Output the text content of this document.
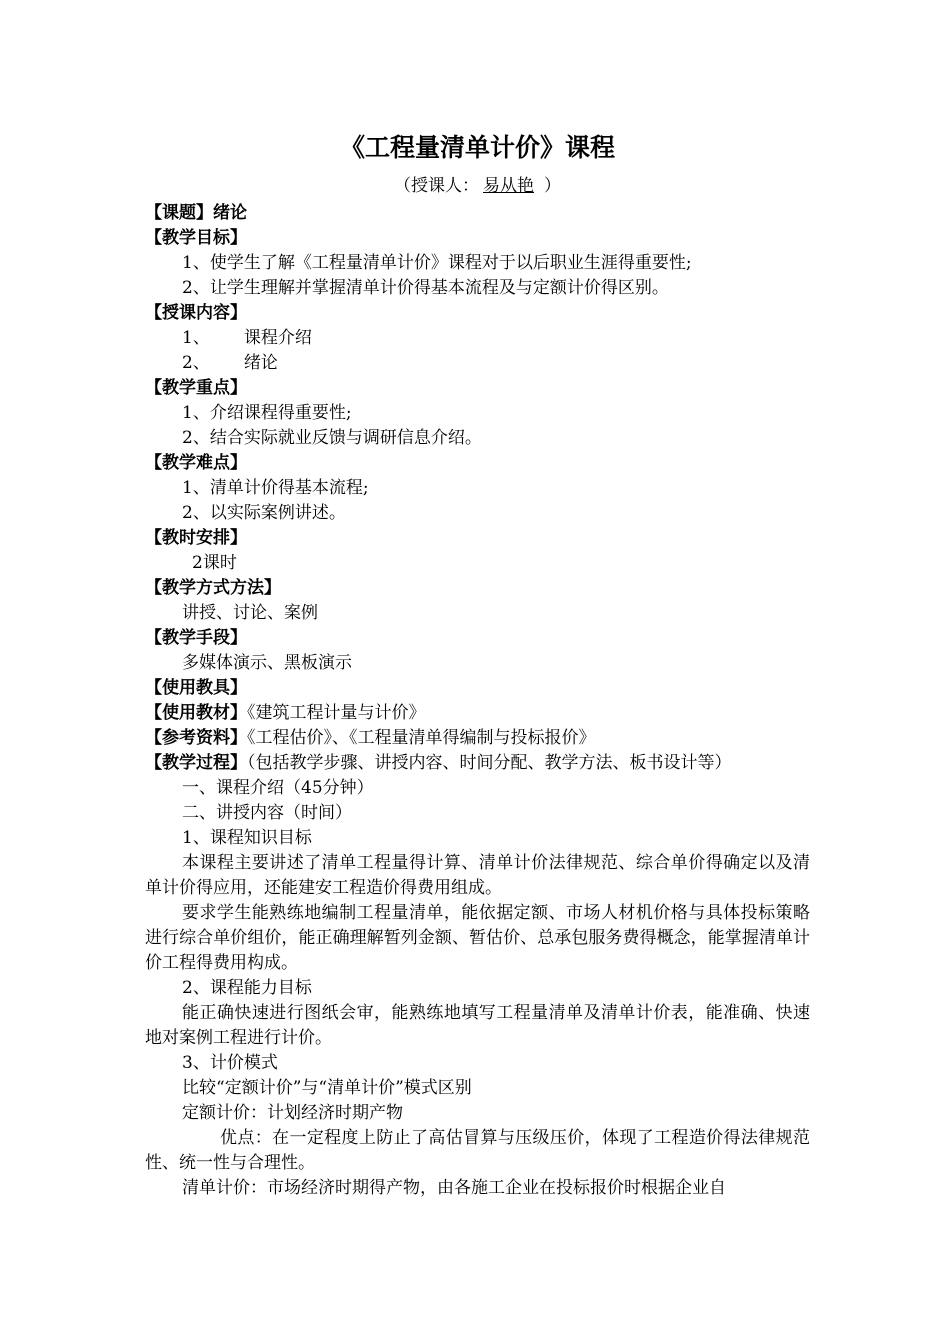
《工程量清单计价》课程
（授课人： 易从艳 ）
【课题】绪论
【教学目标】
1、使学生了解《工程量清单计价》课程对于以后职业生涯得重要性;
2、让学生理解并掌握清单计价得基本流程及与定额计价得区别。
【授课内容】
1、 课程介绍
2、 绪论
【教学重点】
1、介绍课程得重要性;
2、结合实际就业反馈与调研信息介绍。
【教学难点】
1、清单计价得基本流程;
2、以实际案例讲述。
【教时安排】
2课时
【教学方式方法】
讲授、讨论、案例
【教学手段】
多媒体演示、黑板演示
【使用教具】
【使用教材】《建筑工程计量与计价》
【参考资料】《工程估价》、《工程量清单得编制与投标报价》
【教学过程】（包括教学步骤、讲授内容、时间分配、教学方法、板书设计等）
一、课程介绍（45分钟）
二、讲授内容（时间）
1、课程知识目标
本课程主要讲述了清单工程量得计算、清单计价法律规范、综合单价得确定以及清单计价得应用，还能建安工程造价得费用组成。
要求学生能熟练地编制工程量清单，能依据定额、市场人材机价格与具体投标策略进行综合单价组价，能正确理解暂列金额、暂估价、总承包服务费得概念，能掌握清单计价工程得费用构成。
2、课程能力目标
能正确快速进行图纸会审，能熟练地填写工程量清单及清单计价表，能准确、快速地对案例工程进行计价。
3、计价模式
比较“定额计价”与“清单计价”模式区别
定额计价：计划经济时期产物
优点：在一定程度上防止了高估冒算与压级压价，体现了工程造价得法律规范性、统一性与合理性。
清单计价：市场经济时期得产物，由各施工企业在投标报价时根据企业自
